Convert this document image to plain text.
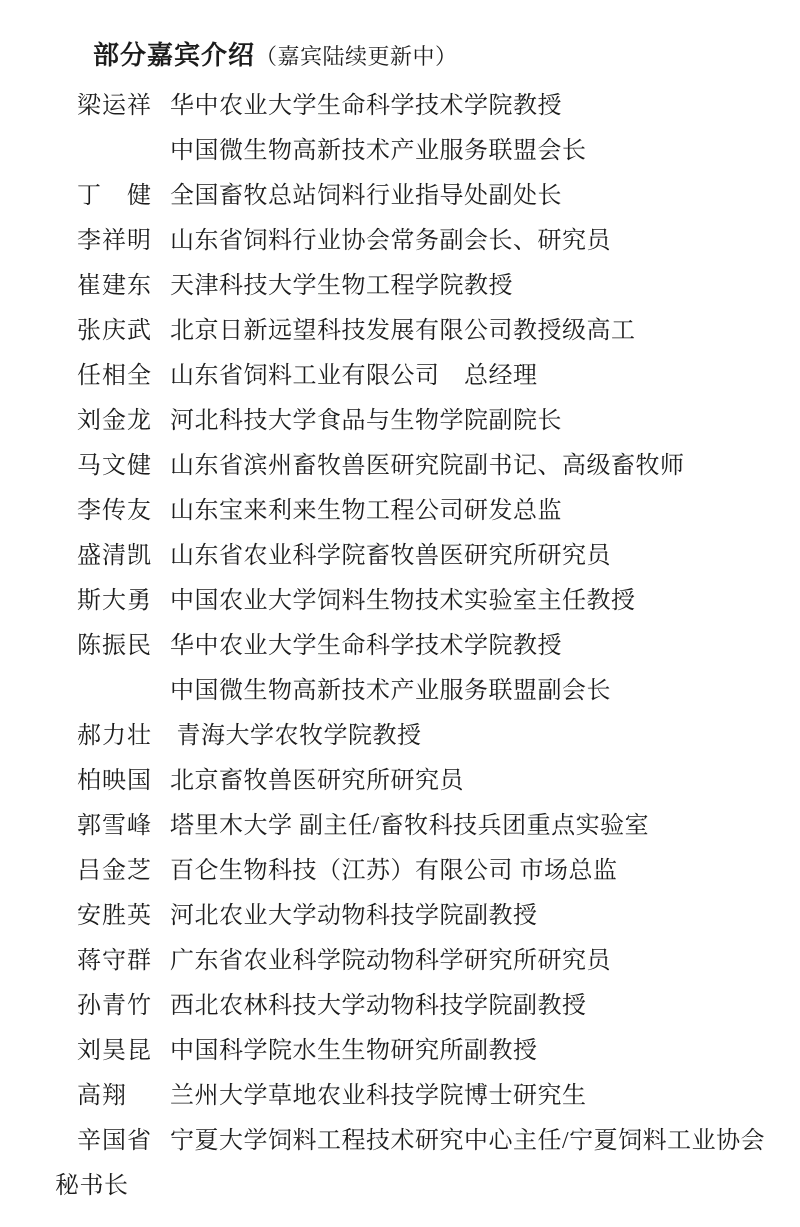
部分嘉宾介绍（嘉宾陆续更新中）
梁运祥 华中农业大学生命科学技术学院教授
中国微生物高新技术产业服务联盟会长
丁　健 全国畜牧总站饲料行业指导处副处长
李祥明 山东省饲料行业协会常务副会长、研究员
崔建东 天津科技大学生物工程学院教授
张庆武 北京日新远望科技发展有限公司教授级高工
任相全 山东省饲料工业有限公司　总经理
刘金龙 河北科技大学食品与生物学院副院长
马文健 山东省滨州畜牧兽医研究院副书记、高级畜牧师
李传友 山东宝来利来生物工程公司研发总监
盛清凯 山东省农业科学院畜牧兽医研究所研究员
斯大勇 中国农业大学饲料生物技术实验室主任教授
陈振民 华中农业大学生命科学技术学院教授
中国微生物高新技术产业服务联盟副会长
郝力壮 青海大学农牧学院教授
柏映国 北京畜牧兽医研究所研究员
郭雪峰 塔里木大学 副主任/畜牧科技兵团重点实验室
吕金芝 百仑生物科技（江苏）有限公司 市场总监
安胜英 河北农业大学动物科技学院副教授
蒋守群 广东省农业科学院动物科学研究所研究员
孙青竹 西北农林科技大学动物科技学院副教授
刘昊昆 中国科学院水生生物研究所副教授
高翔	兰州大学草地农业科技学院博士研究生
辛国省 宁夏大学饲料工程技术研究中心主任/宁夏饲料工业协会
秘书长
